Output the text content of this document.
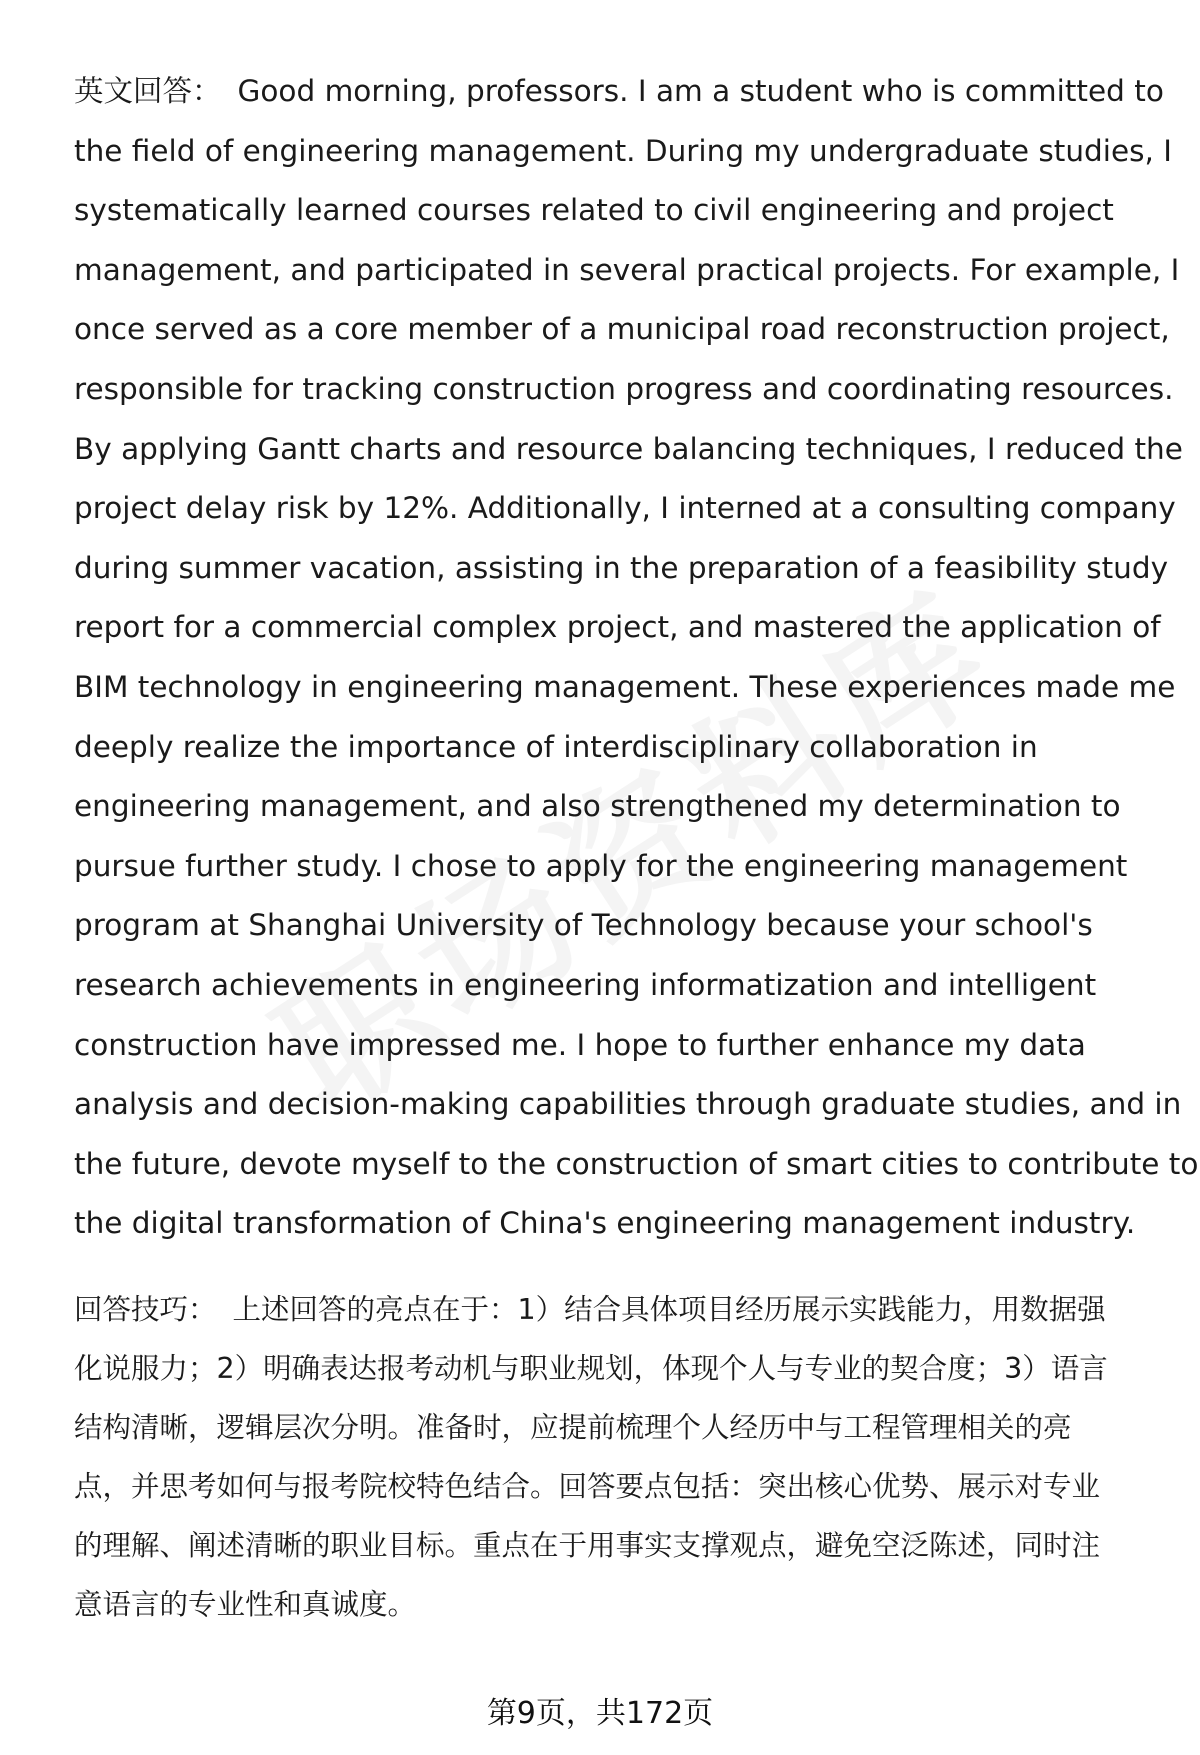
英文回答： Good morning, professors. I am a student who is committed to
the field of engineering management. During my undergraduate studies, I
systematically learned courses related to civil engineering and project
management, and participated in several practical projects. For example, I
once served as a core member of a municipal road reconstruction project,
responsible for tracking construction progress and coordinating resources.
By applying Gantt charts and resource balancing techniques, I reduced the
project delay risk by 12%. Additionally, I interned at a consulting company
during summer vacation, assisting in the preparation of a feasibility study
report for a commercial complex project, and mastered the application of
BIM technology in engineering management. These experiences made me
deeply realize the importance of interdisciplinary collaboration in
engineering management, and also strengthened my determination to
pursue further study. I chose to apply for the engineering management
program at Shanghai University of Technology because your school's
research achievements in engineering informatization and intelligent
construction have impressed me. I hope to further enhance my data
analysis and decision-making capabilities through graduate studies, and in
the future, devote myself to the construction of smart cities to contribute to
the digital transformation of China's engineering management industry.
回答技巧： 上述回答的亮点在于：1）结合具体项目经历展示实践能力，用数据强
化说服力；2）明确表达报考动机与职业规划，体现个人与专业的契合度；3）语言
结构清晰，逻辑层次分明。准备时，应提前梳理个人经历中与工程管理相关的亮
点，并思考如何与报考院校特色结合。回答要点包括：突出核心优势、展示对专业
的理解、阐述清晰的职业目标。重点在于用事实支撑观点，避免空泛陈述，同时注
意语言的专业性和真诚度。
第9页，共172页
